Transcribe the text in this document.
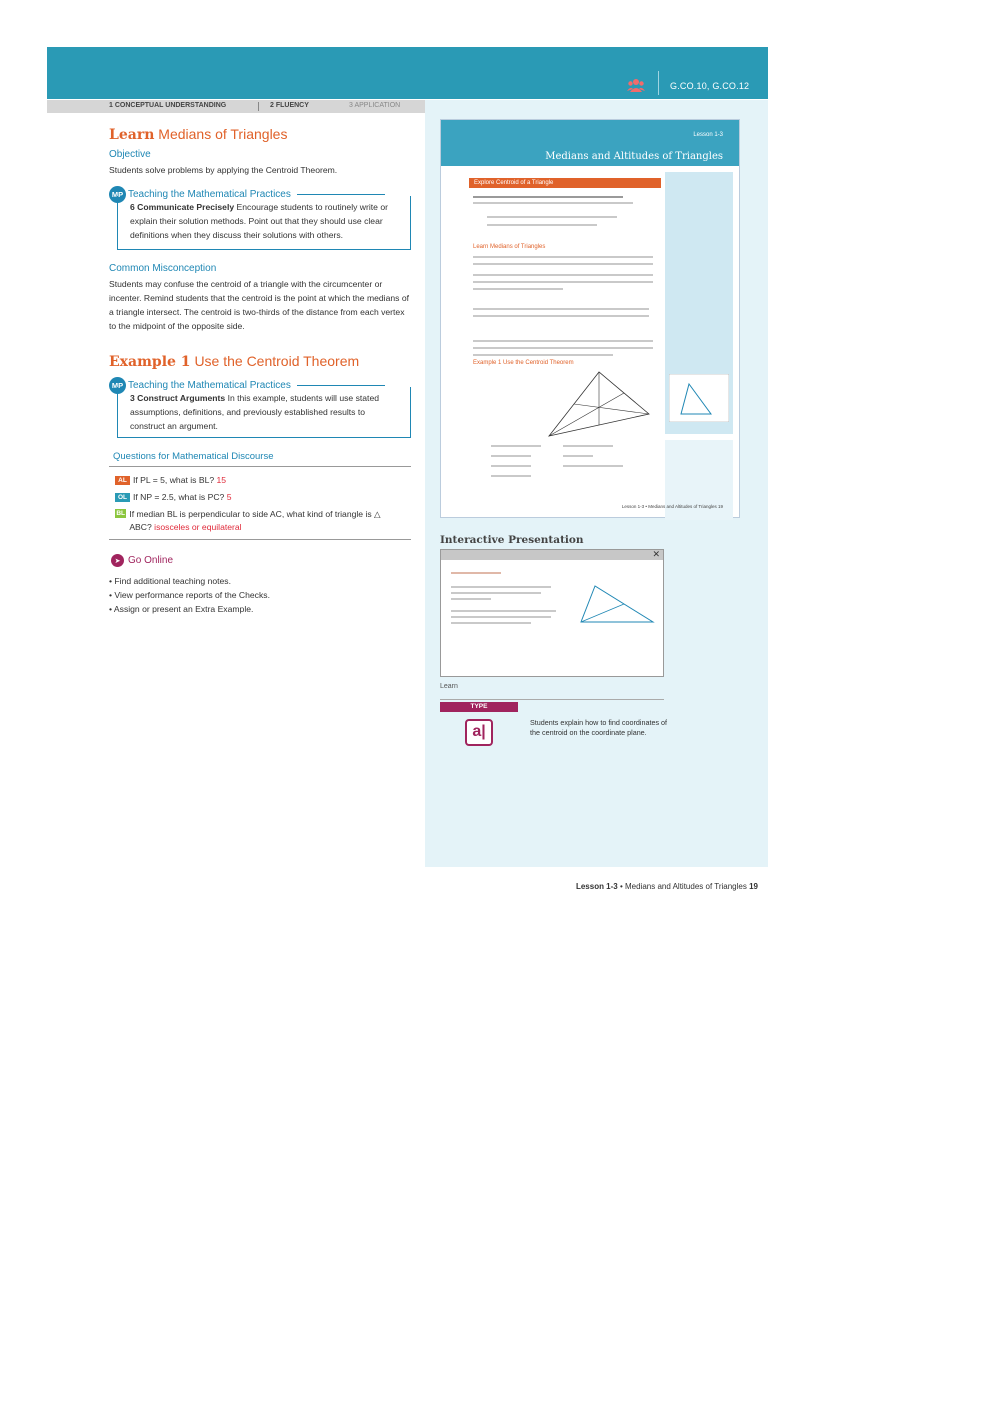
G.CO.10, G.CO.12
1 CONCEPTUAL UNDERSTANDING	2 FLUENCY	3 APPLICATION
Learn Medians of Triangles
Objective
Students solve problems by applying the Centroid Theorem.
MP Teaching the Mathematical Practices
6 Communicate Precisely Encourage students to routinely write or explain their solution methods. Point out that they should use clear definitions when they discuss their solutions with others.
Common Misconception
Students may confuse the centroid of a triangle with the circumcenter or incenter. Remind students that the centroid is the point at which the medians of a triangle intersect. The centroid is two-thirds of the distance from each vertex to the midpoint of the opposite side.
Example 1 Use the Centroid Theorem
MP Teaching the Mathematical Practices
3 Construct Arguments In this example, students will use stated assumptions, definitions, and previously established results to construct an argument.
Questions for Mathematical Discourse
AL If PL = 5, what is BL? 15
OL If NP = 2.5, what is PC? 5
BL If median BL is perpendicular to side AC, what kind of triangle is △ ABC? isosceles or equilateral
➤ Go Online
• Find additional teaching notes.
• View performance reports of the Checks.
• Assign or present an Extra Example.
Lesson 1-3
Medians and Altitudes of Triangles
Explore Centroid of a Triangle
Learn Medians of Triangles
Example 1 Use the Centroid Theorem
Lesson 1-3 • Medians and Altitudes of Triangles 19
Interactive Presentation
✕
Learn
TYPE
a|
Students explain how to find coordinates of the centroid on the coordinate plane.
Lesson 1-3 • Medians and Altitudes of Triangles 19
